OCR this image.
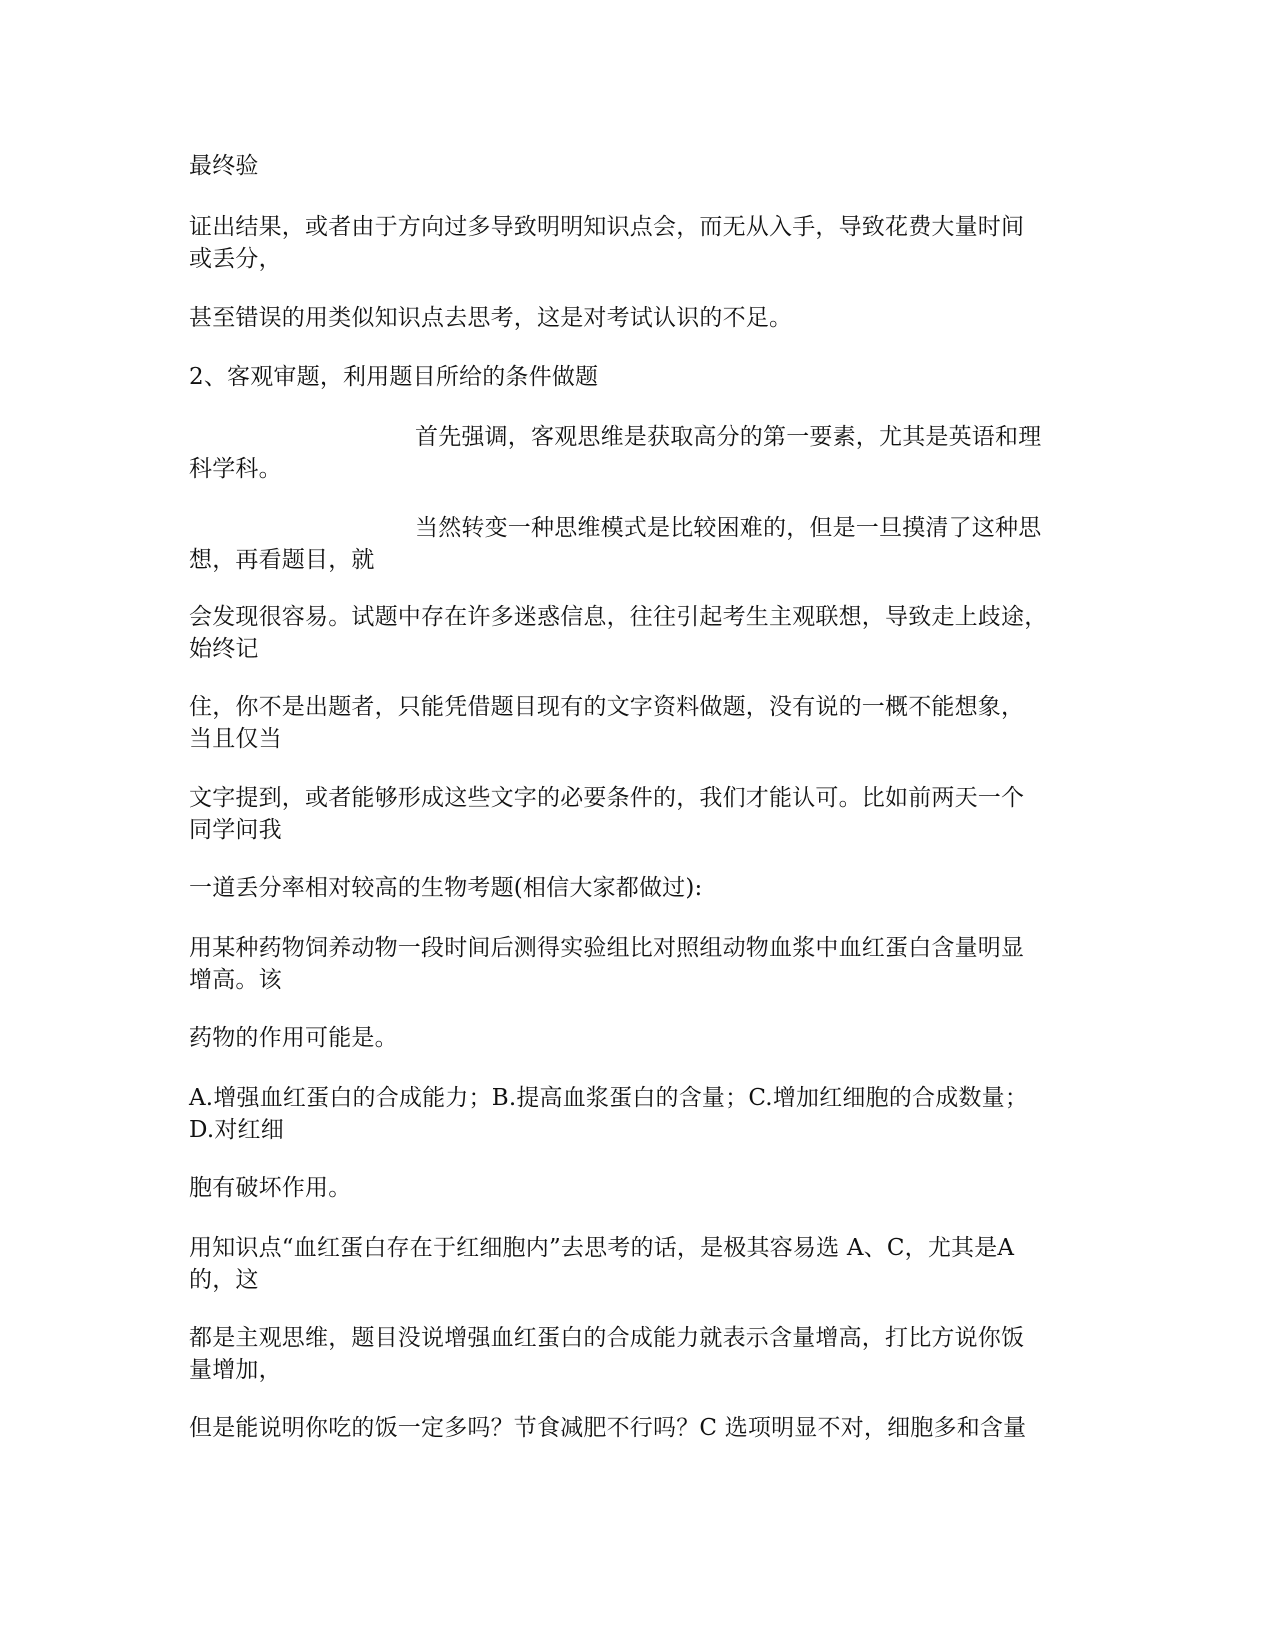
最终验

证出结果，或者由于方向过多导致明明知识点会，而无从入手，导致花费大量时间
或丢分，

甚至错误的用类似知识点去思考，这是对考试认识的不足。

2、客观审题，利用题目所给的条件做题

首先强调，客观思维是获取高分的第一要素，尤其是英语和理
科学科。

当然转变一种思维模式是比较困难的，但是一旦摸清了这种思
想，再看题目，就

会发现很容易。试题中存在许多迷惑信息，往往引起考生主观联想，导致走上歧途，
始终记

住，你不是出题者，只能凭借题目现有的文字资料做题，没有说的一概不能想象，
当且仅当

文字提到，或者能够形成这些文字的必要条件的，我们才能认可。比如前两天一个
同学问我

一道丢分率相对较高的生物考题(相信大家都做过):

用某种药物饲养动物一段时间后测得实验组比对照组动物血浆中血红蛋白含量明显
增高。该

药物的作用可能是。

A.增强血红蛋白的合成能力；B.提高血浆蛋白的含量；C.增加红细胞的合成数量；
D.对红细

胞有破坏作用。

用知识点“血红蛋白存在于红细胞内”去思考的话，是极其容易选 A、C，尤其是A
的，这

都是主观思维，题目没说增强血红蛋白的合成能力就表示含量增高，打比方说你饭
量增加，

但是能说明你吃的饭一定多吗？节食减肥不行吗？C 选项明显不对，细胞多和含量
